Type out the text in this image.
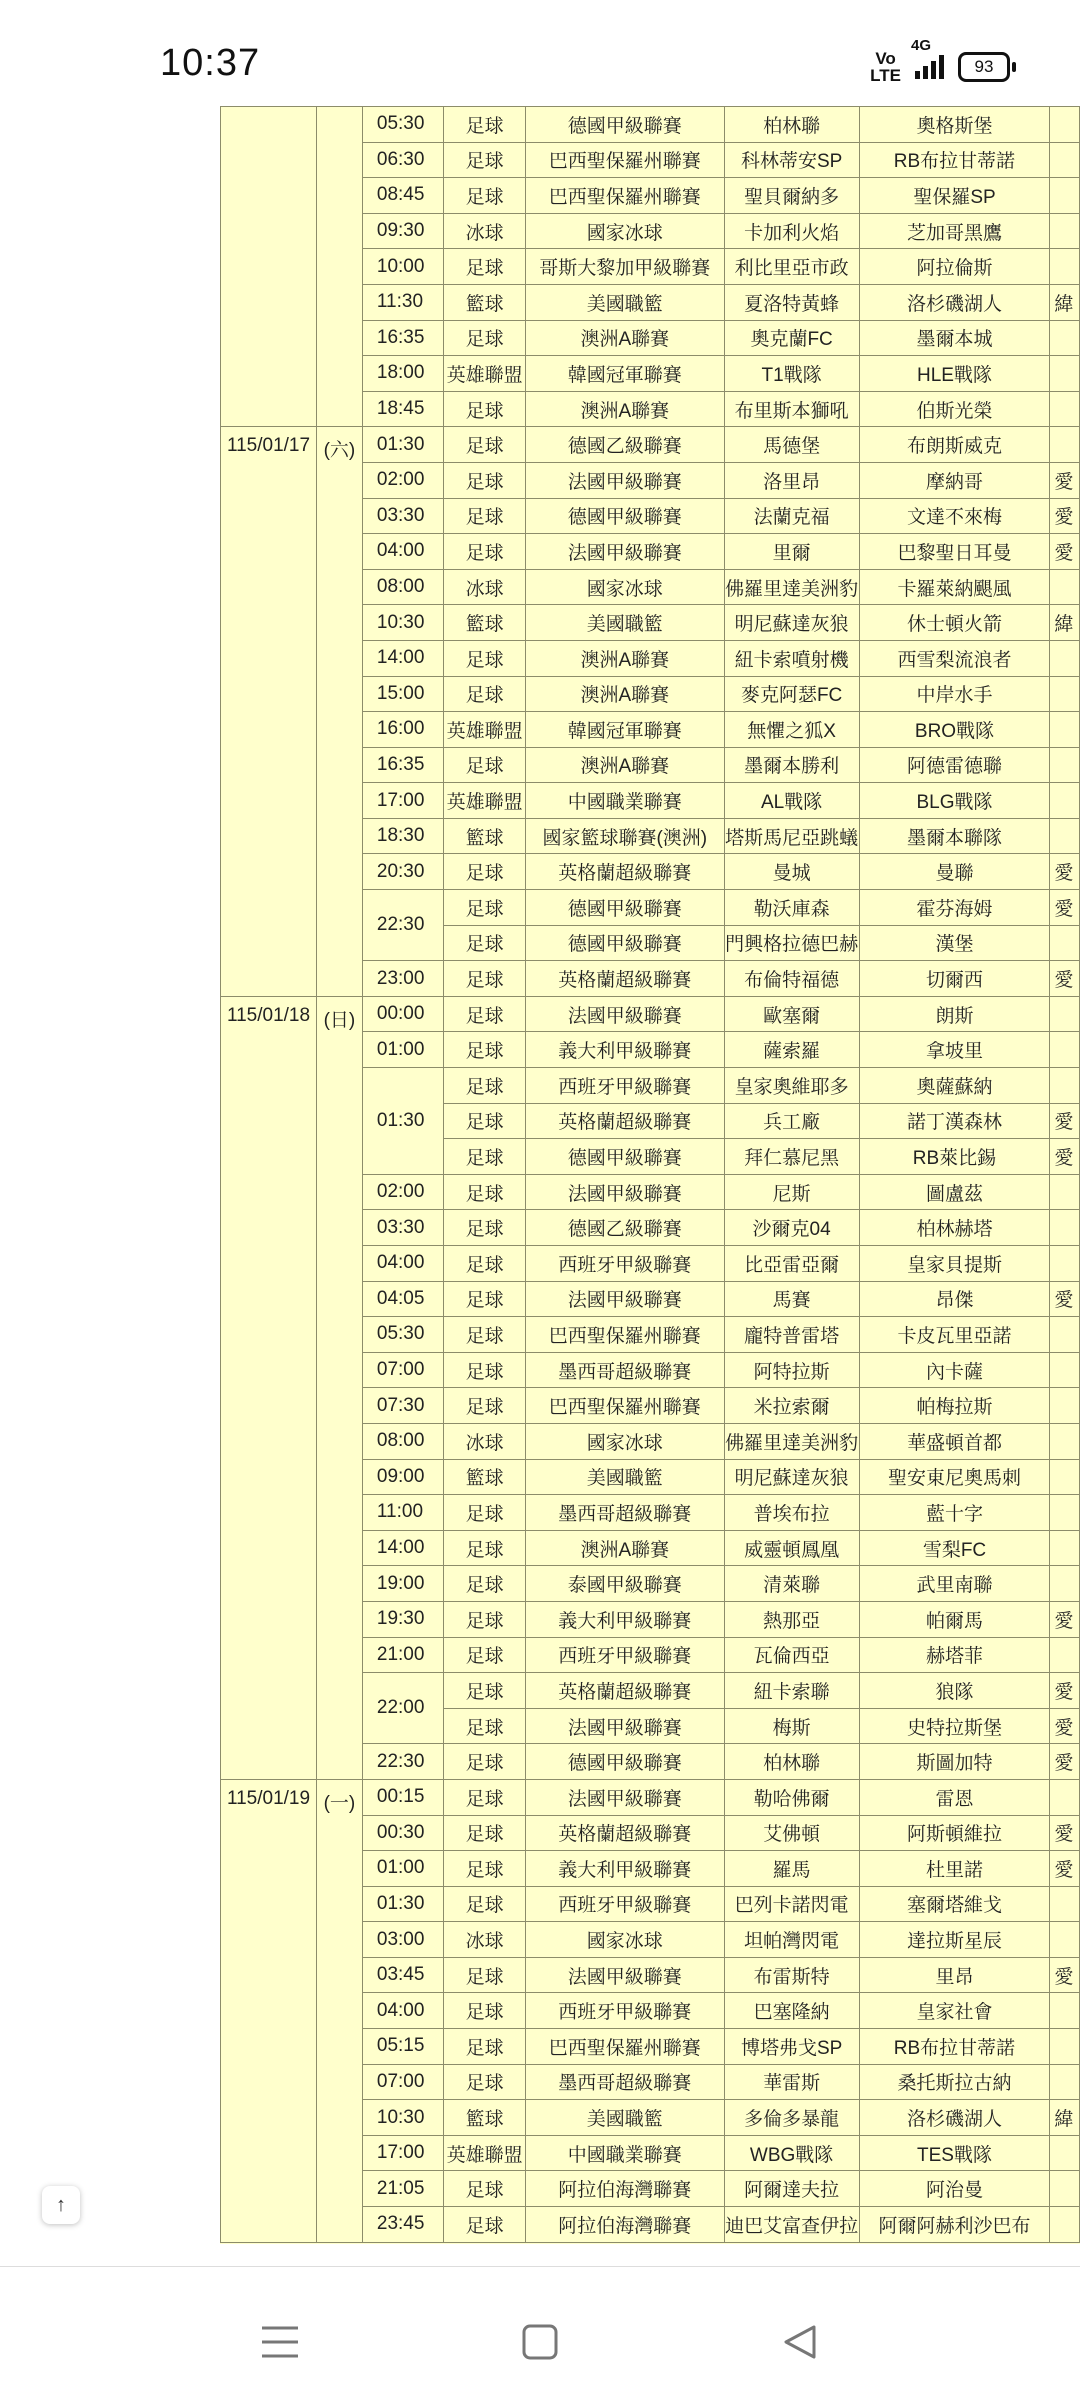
10:37	Vo
LTE
4G
93
		05:30	足球	德國甲級聯賽	柏林聯	奧格斯堡	
		06:30	足球	巴西聖保羅州聯賽	科林蒂安SP	RB布拉甘蒂諾	
		08:45	足球	巴西聖保羅州聯賽	聖貝爾納多	聖保羅SP	
		09:30	冰球	國家冰球	卡加利火焰	芝加哥黑鷹	
		10:00	足球	哥斯大黎加甲級聯賽	利比里亞市政	阿拉倫斯	
		11:30	籃球	美國職籃	夏洛特黃蜂	洛杉磯湖人	緯
		16:35	足球	澳洲A聯賽	奧克蘭FC	墨爾本城	
		18:00	英雄聯盟	韓國冠軍聯賽	T1戰隊	HLE戰隊	
		18:45	足球	澳洲A聯賽	布里斯本獅吼	伯斯光榮	
115/01/17	(六)	01:30	足球	德國乙級聯賽	馬德堡	布朗斯威克	
		02:00	足球	法國甲級聯賽	洛里昂	摩納哥	愛
		03:30	足球	德國甲級聯賽	法蘭克福	文達不來梅	愛
		04:00	足球	法國甲級聯賽	里爾	巴黎聖日耳曼	愛
		08:00	冰球	國家冰球	佛羅里達美洲豹	卡羅萊納颶風	
		10:30	籃球	美國職籃	明尼蘇達灰狼	休士頓火箭	緯
		14:00	足球	澳洲A聯賽	紐卡索噴射機	西雪梨流浪者	
		15:00	足球	澳洲A聯賽	麥克阿瑟FC	中岸水手	
		16:00	英雄聯盟	韓國冠軍聯賽	無懼之狐X	BRO戰隊	
		16:35	足球	澳洲A聯賽	墨爾本勝利	阿德雷德聯	
		17:00	英雄聯盟	中國職業聯賽	AL戰隊	BLG戰隊	
		18:30	籃球	國家籃球聯賽(澳洲)	塔斯馬尼亞跳蟻	墨爾本聯隊	
		20:30	足球	英格蘭超級聯賽	曼城	曼聯	愛
		22:30	足球	德國甲級聯賽	勒沃庫森	霍芬海姆	愛
			足球	德國甲級聯賽	門興格拉德巴赫	漢堡	
		23:00	足球	英格蘭超級聯賽	布倫特福德	切爾西	愛
115/01/18	(日)	00:00	足球	法國甲級聯賽	歐塞爾	朗斯	
		01:00	足球	義大利甲級聯賽	薩索羅	拿坡里	
		01:30	足球	西班牙甲級聯賽	皇家奧維耶多	奧薩蘇納	
			足球	英格蘭超級聯賽	兵工廠	諾丁漢森林	愛
			足球	德國甲級聯賽	拜仁慕尼黑	RB萊比錫	愛
		02:00	足球	法國甲級聯賽	尼斯	圖盧茲	
		03:30	足球	德國乙級聯賽	沙爾克04	柏林赫塔	
		04:00	足球	西班牙甲級聯賽	比亞雷亞爾	皇家貝提斯	
		04:05	足球	法國甲級聯賽	馬賽	昂傑	愛
		05:30	足球	巴西聖保羅州聯賽	龐特普雷塔	卡皮瓦里亞諾	
		07:00	足球	墨西哥超級聯賽	阿特拉斯	內卡薩	
		07:30	足球	巴西聖保羅州聯賽	米拉索爾	帕梅拉斯	
		08:00	冰球	國家冰球	佛羅里達美洲豹	華盛頓首都	
		09:00	籃球	美國職籃	明尼蘇達灰狼	聖安東尼奧馬刺	
		11:00	足球	墨西哥超級聯賽	普埃布拉	藍十字	
		14:00	足球	澳洲A聯賽	威靈頓鳳凰	雪梨FC	
		19:00	足球	泰國甲級聯賽	清萊聯	武里南聯	
		19:30	足球	義大利甲級聯賽	熱那亞	帕爾馬	愛
		21:00	足球	西班牙甲級聯賽	瓦倫西亞	赫塔菲	
		22:00	足球	英格蘭超級聯賽	紐卡索聯	狼隊	愛
			足球	法國甲級聯賽	梅斯	史特拉斯堡	愛
		22:30	足球	德國甲級聯賽	柏林聯	斯圖加特	愛
115/01/19	(一)	00:15	足球	法國甲級聯賽	勒哈佛爾	雷恩	
		00:30	足球	英格蘭超級聯賽	艾佛頓	阿斯頓維拉	愛
		01:00	足球	義大利甲級聯賽	羅馬	杜里諾	愛
		01:30	足球	西班牙甲級聯賽	巴列卡諾閃電	塞爾塔維戈	
		03:00	冰球	國家冰球	坦帕灣閃電	達拉斯星辰	
		03:45	足球	法國甲級聯賽	布雷斯特	里昂	愛
		04:00	足球	西班牙甲級聯賽	巴塞隆納	皇家社會	
		05:15	足球	巴西聖保羅州聯賽	博塔弗戈SP	RB布拉甘蒂諾	
		07:00	足球	墨西哥超級聯賽	華雷斯	桑托斯拉古納	
		10:30	籃球	美國職籃	多倫多暴龍	洛杉磯湖人	緯
		17:00	英雄聯盟	中國職業聯賽	WBG戰隊	TES戰隊	
		21:05	足球	阿拉伯海灣聯賽	阿爾達夫拉	阿治曼	
		23:45	足球	阿拉伯海灣聯賽	迪巴艾富查伊拉	阿爾阿赫利沙巴布	
↑
